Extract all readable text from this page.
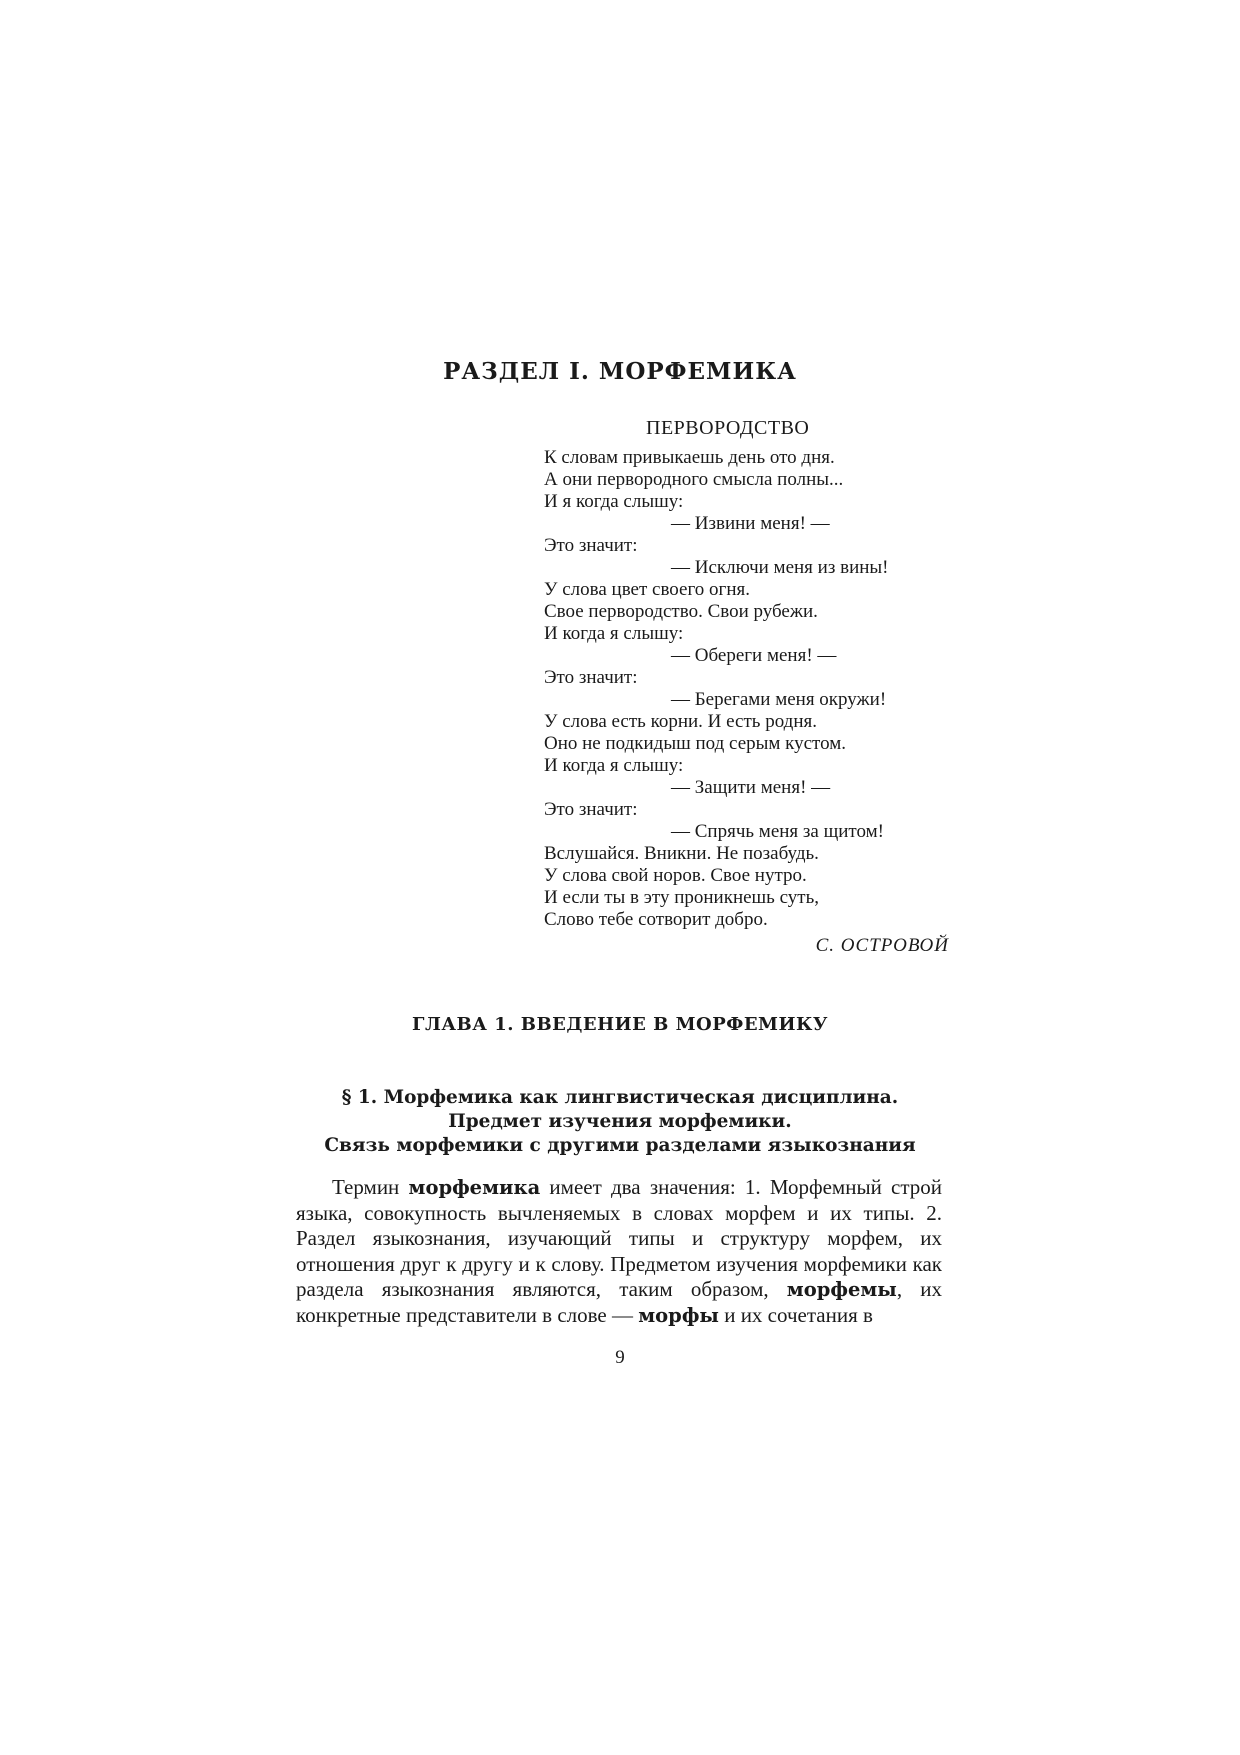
РАЗДЕЛ I. МОРФЕМИКА
ПЕРВОРОДСТВО
К словам привыкаешь день ото дня.
А они первородного смысла полны...
И я когда слышу:
— Извини меня! —
Это значит:
— Исключи меня из вины!
У слова цвет своего огня.
Свое первородство. Свои рубежи.
И когда я слышу:
— Обереги меня! —
Это значит:
— Берегами меня окружи!
У слова есть корни. И есть родня.
Оно не подкидыш под серым кустом.
И когда я слышу:
— Защити меня! —
Это значит:
— Спрячь меня за щитом!
Вслушайся. Вникни. Не позабудь.
У слова свой норов. Свое нутро.
И если ты в эту проникнешь суть,
Слово тебе сотворит добро.
С. ОСТРОВОЙ
ГЛАВА 1. ВВЕДЕНИЕ В МОРФЕМИКУ
§ 1. Морфемика как лингвистическая дисциплина.
Предмет изучения морфемики.
Связь морфемики с другими разделами языкознания

Термин морфемика имеет два значения: 1. Морфемный строй языка, совокупность вычленяемых в словах морфем и их типы. 2. Раздел языкознания, изучающий типы и структуру морфем, их отношения друг к другу и к слову. Предметом изучения морфемики как раздела языкознания являются, таким образом, морфемы, их конкретные представители в слове — морфы и их сочетания в

9
